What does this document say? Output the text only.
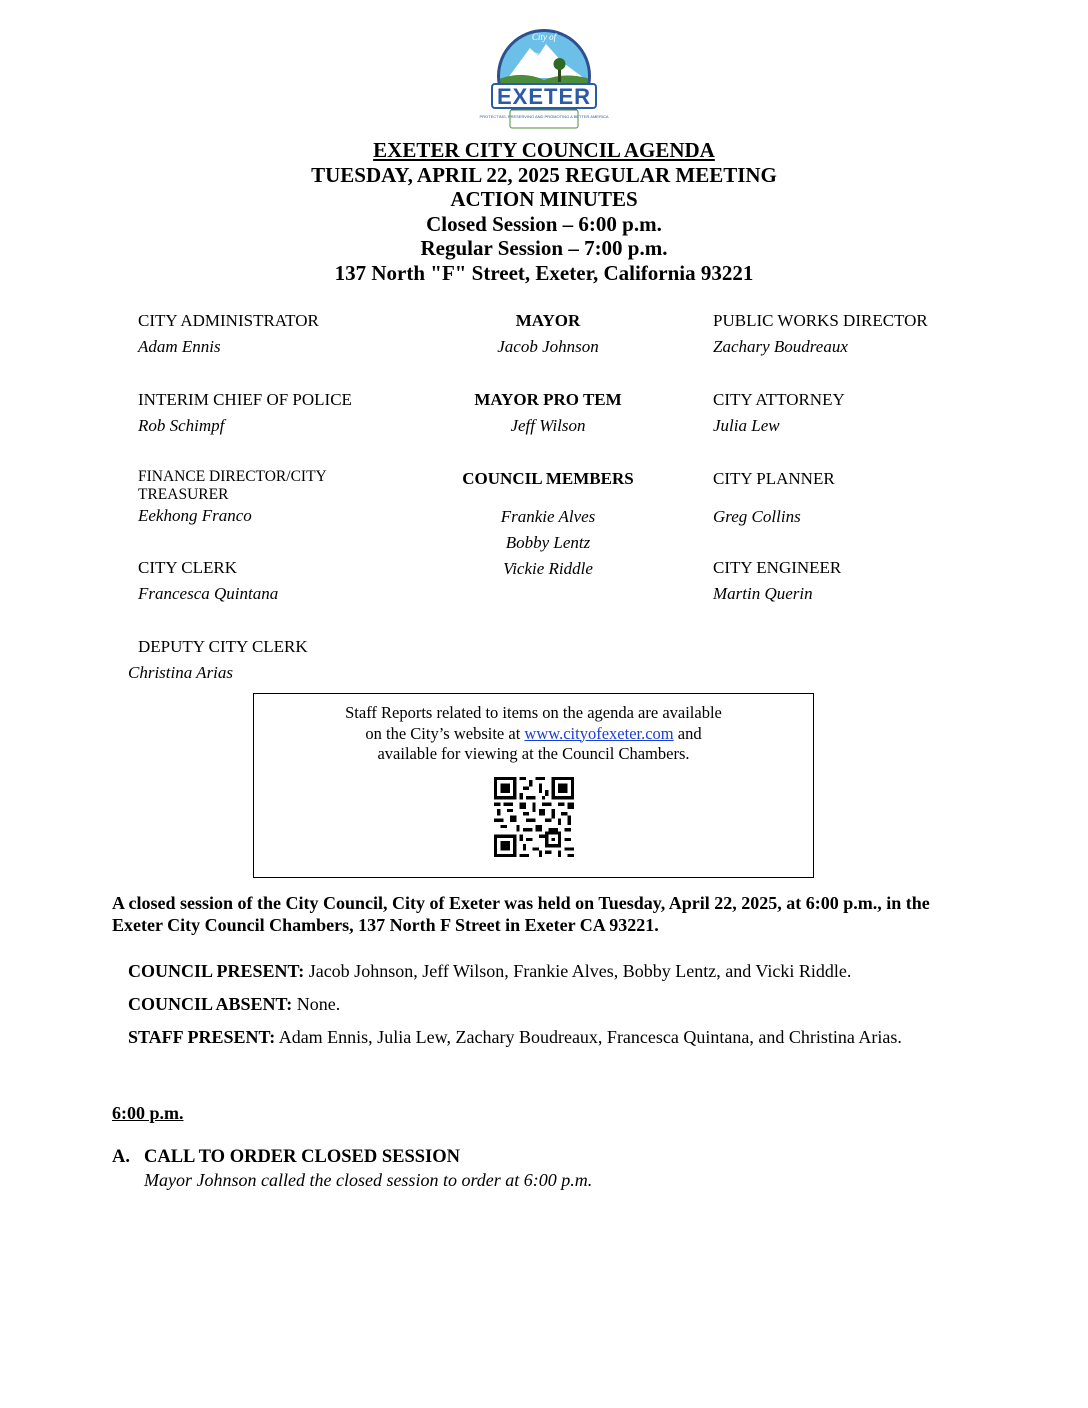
City of
EXETER
PROTECTING, PRESERVING AND PROMOTING A BETTER AMERICA
EXETER CITY COUNCIL AGENDA
TUESDAY, APRIL 22, 2025 REGULAR MEETING
ACTION MINUTES
Closed Session – 6:00 p.m.
Regular Session – 7:00 p.m.
137 North "F" Street, Exeter, California 93221
CITY ADMINISTRATOR
Adam Ennis
INTERIM CHIEF OF POLICE
Rob Schimpf
FINANCE DIRECTOR/CITY
TREASURER
Eekhong Franco
CITY CLERK
Francesca Quintana
DEPUTY CITY CLERK
Christina Arias
MAYOR
Jacob Johnson
MAYOR PRO TEM
Jeff Wilson
COUNCIL MEMBERS
Frankie Alves
Bobby Lentz
Vickie Riddle
PUBLIC WORKS DIRECTOR
Zachary Boudreaux
CITY ATTORNEY
Julia Lew
CITY PLANNER
Greg Collins
CITY ENGINEER
Martin Querin
Staff Reports related to items on the agenda are available
on the City’s website at www.cityofexeter.com and
available for viewing at the Council Chambers.
A closed session of the City Council, City of Exeter was held on Tuesday, April 22, 2025, at 6:00 p.m., in the Exeter City Council Chambers, 137 North F Street in Exeter CA 93221.
COUNCIL PRESENT: Jacob Johnson, Jeff Wilson, Frankie Alves, Bobby Lentz, and Vicki Riddle.
COUNCIL ABSENT: None.
STAFF PRESENT: Adam Ennis, Julia Lew, Zachary Boudreaux, Francesca Quintana, and Christina Arias.
6:00 p.m.
A. CALL TO ORDER CLOSED SESSION
Mayor Johnson called the closed session to order at 6:00 p.m.
